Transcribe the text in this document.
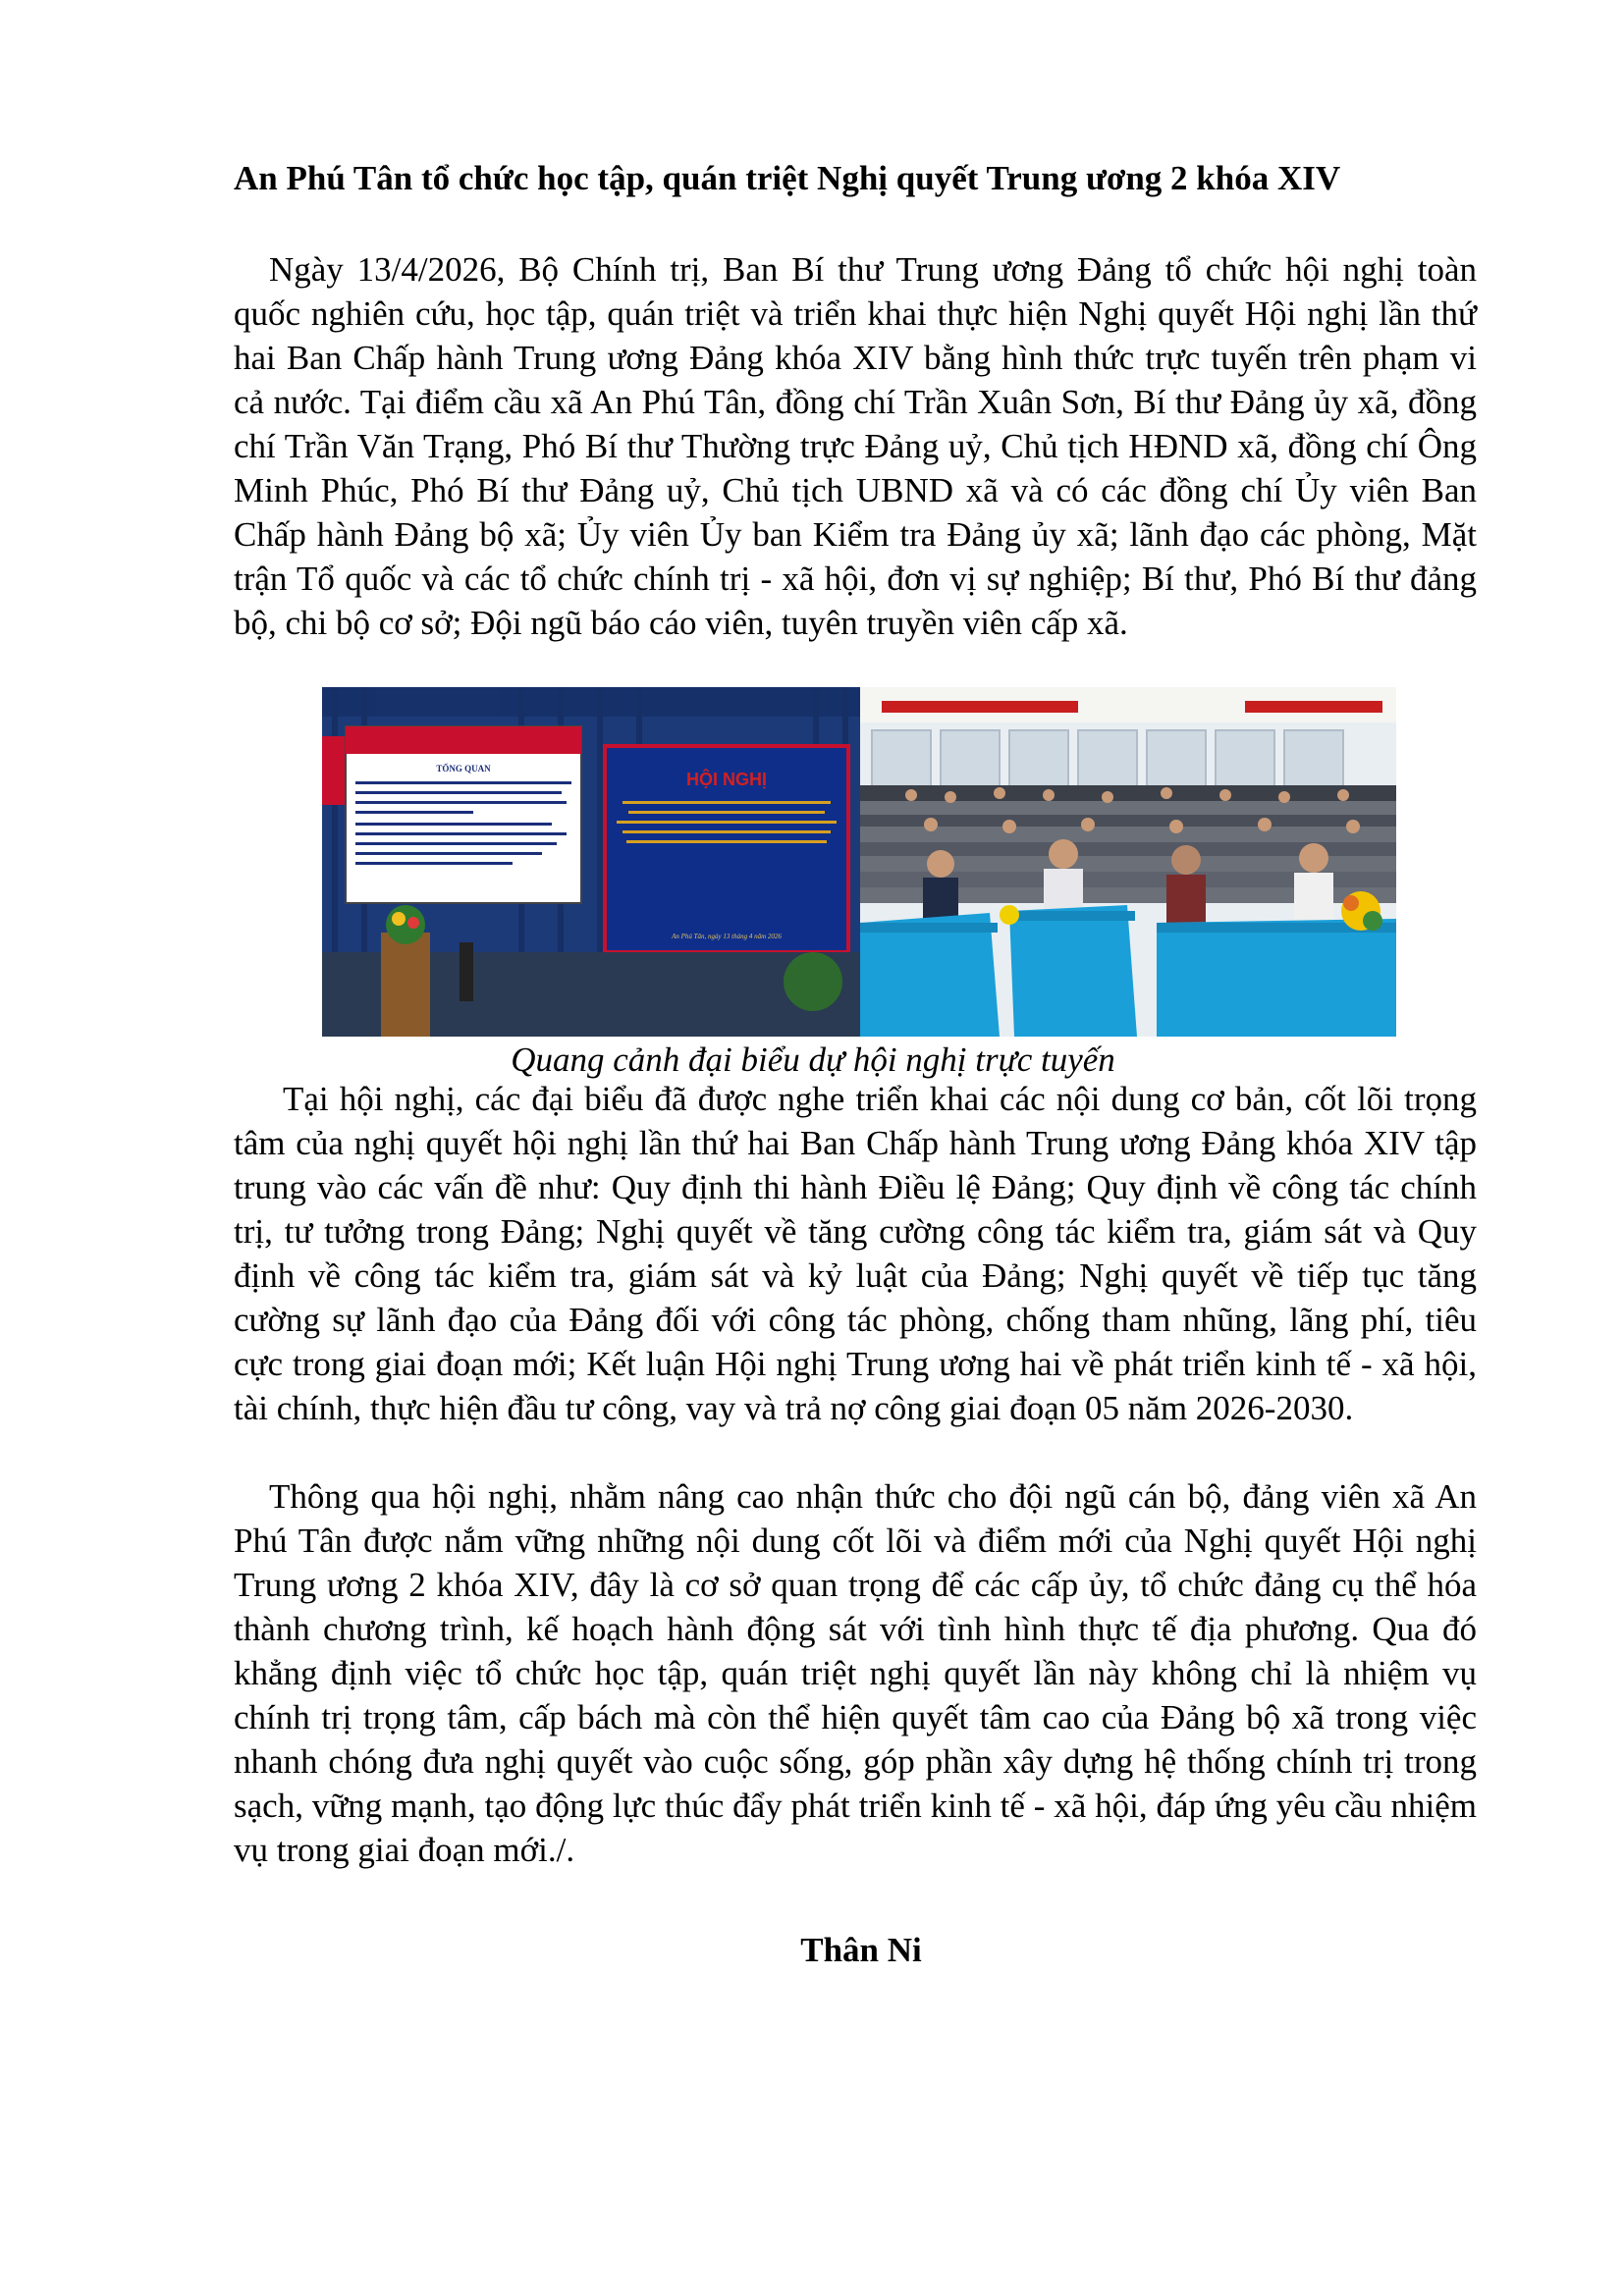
An Phú Tân tổ chức học tập, quán triệt Nghị quyết Trung ương 2 khóa XIV

Ngày 13/4/2026, Bộ Chính trị, Ban Bí thư Trung ương Đảng tổ chức hội nghị toàn quốc nghiên cứu, học tập, quán triệt và triển khai thực hiện Nghị quyết Hội nghị lần thứ hai Ban Chấp hành Trung ương Đảng khóa XIV bằng hình thức trực tuyến trên phạm vi cả nước. Tại điểm cầu xã An Phú Tân, đồng chí Trần Xuân Sơn, Bí thư Đảng ủy xã, đồng chí Trần Văn Trạng, Phó Bí thư Thường trực Đảng uỷ, Chủ tịch HĐND xã, đồng chí Ông Minh Phúc, Phó Bí thư Đảng uỷ, Chủ tịch UBND xã và có các đồng chí Ủy viên Ban Chấp hành Đảng bộ xã; Ủy viên Ủy ban Kiểm tra Đảng ủy xã; lãnh đạo các phòng, Mặt trận Tổ quốc và các tổ chức chính trị - xã hội, đơn vị sự nghiệp; Bí thư, Phó Bí thư đảng bộ, chi bộ cơ sở; Đội ngũ báo cáo viên, tuyên truyền viên cấp xã.

TỔNG QUAN
HỘI NGHỊ
An Phú Tân, ngày 13 tháng 4 năm 2026
Quang cảnh đại biểu dự hội nghị trực tuyến

Tại hội nghị, các đại biểu đã được nghe triển khai các nội dung cơ bản, cốt lõi trọng tâm của nghị quyết hội nghị lần thứ hai Ban Chấp hành Trung ương Đảng khóa XIV tập trung vào các vấn đề như: Quy định thi hành Điều lệ Đảng; Quy định về công tác chính trị, tư tưởng trong Đảng; Nghị quyết về tăng cường công tác kiểm tra, giám sát và Quy định về công tác kiểm tra, giám sát và kỷ luật của Đảng; Nghị quyết về tiếp tục tăng cường sự lãnh đạo của Đảng đối với công tác phòng, chống tham nhũng, lãng phí, tiêu cực trong giai đoạn mới; Kết luận Hội nghị Trung ương hai về phát triển kinh tế - xã hội, tài chính, thực hiện đầu tư công, vay và trả nợ công giai đoạn 05 năm 2026-2030.

Thông qua hội nghị, nhằm nâng cao nhận thức cho đội ngũ cán bộ, đảng viên xã An Phú Tân được nắm vững những nội dung cốt lõi và điểm mới của Nghị quyết Hội nghị Trung ương 2 khóa XIV, đây là cơ sở quan trọng để các cấp ủy, tổ chức đảng cụ thể hóa thành chương trình, kế hoạch hành động sát với tình hình thực tế địa phương. Qua đó khẳng định việc tổ chức học tập, quán triệt nghị quyết lần này không chỉ là nhiệm vụ chính trị trọng tâm, cấp bách mà còn thể hiện quyết tâm cao của Đảng bộ xã trong việc nhanh chóng đưa nghị quyết vào cuộc sống, góp phần xây dựng hệ thống chính trị trong sạch, vững mạnh, tạo động lực thúc đẩy phát triển kinh tế - xã hội, đáp ứng yêu cầu nhiệm vụ trong giai đoạn mới./.

Thân Ni
